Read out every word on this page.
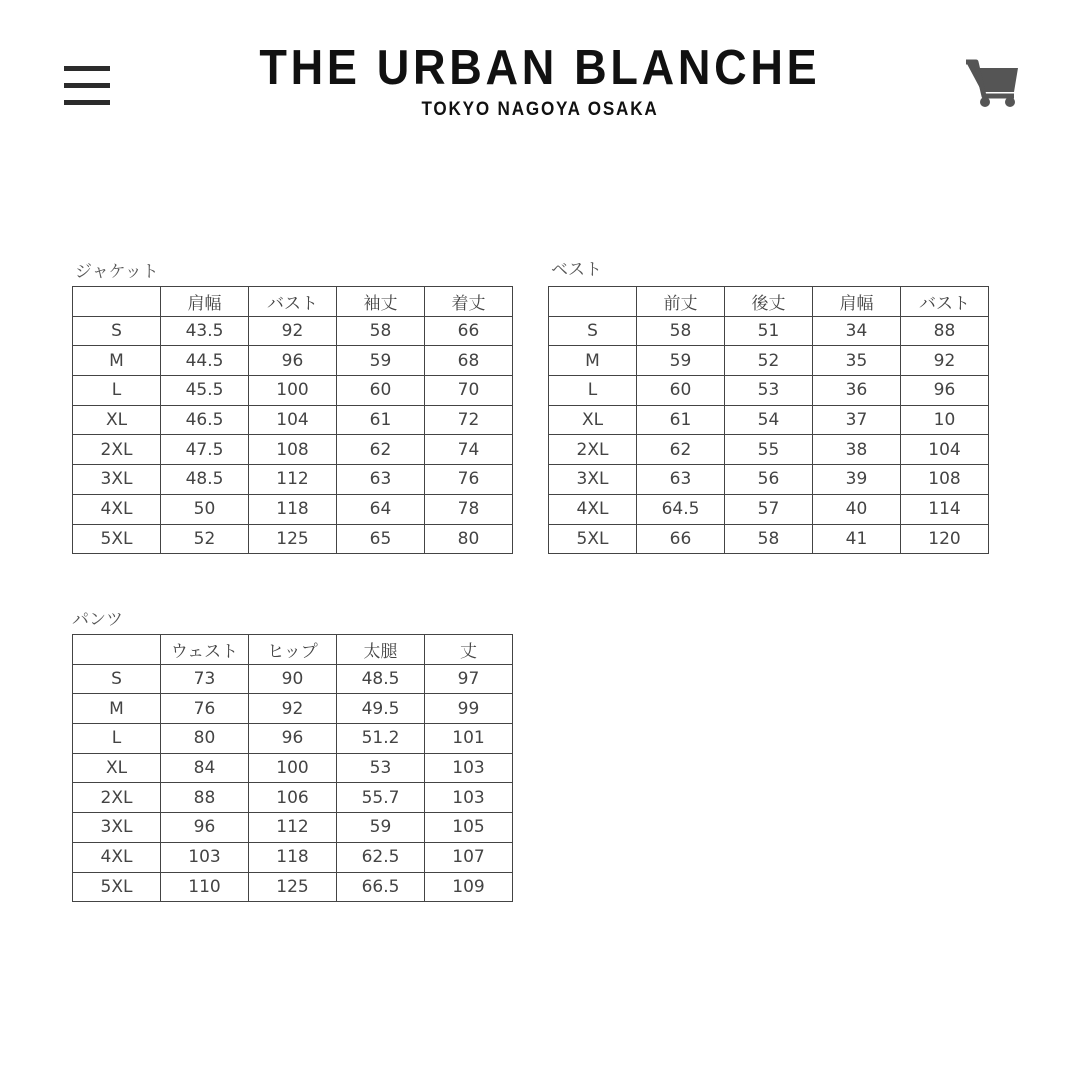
THE URBAN BLANCHE
TOKYO NAGOYA OSAKA
ジャケット
	肩幅	バスト	袖丈	着丈
S	43.5	92	58	66
M	44.5	96	59	68
L	45.5	100	60	70
XL	46.5	104	61	72
2XL	47.5	108	62	74
3XL	48.5	112	63	76
4XL	50	118	64	78
5XL	52	125	65	80
ベスト
	前丈	後丈	肩幅	バスト
S	58	51	34	88
M	59	52	35	92
L	60	53	36	96
XL	61	54	37	10
2XL	62	55	38	104
3XL	63	56	39	108
4XL	64.5	57	40	114
5XL	66	58	41	120
パンツ
	ウェスト	ヒップ	太腿	丈
S	73	90	48.5	97
M	76	92	49.5	99
L	80	96	51.2	101
XL	84	100	53	103
2XL	88	106	55.7	103
3XL	96	112	59	105
4XL	103	118	62.5	107
5XL	110	125	66.5	109
